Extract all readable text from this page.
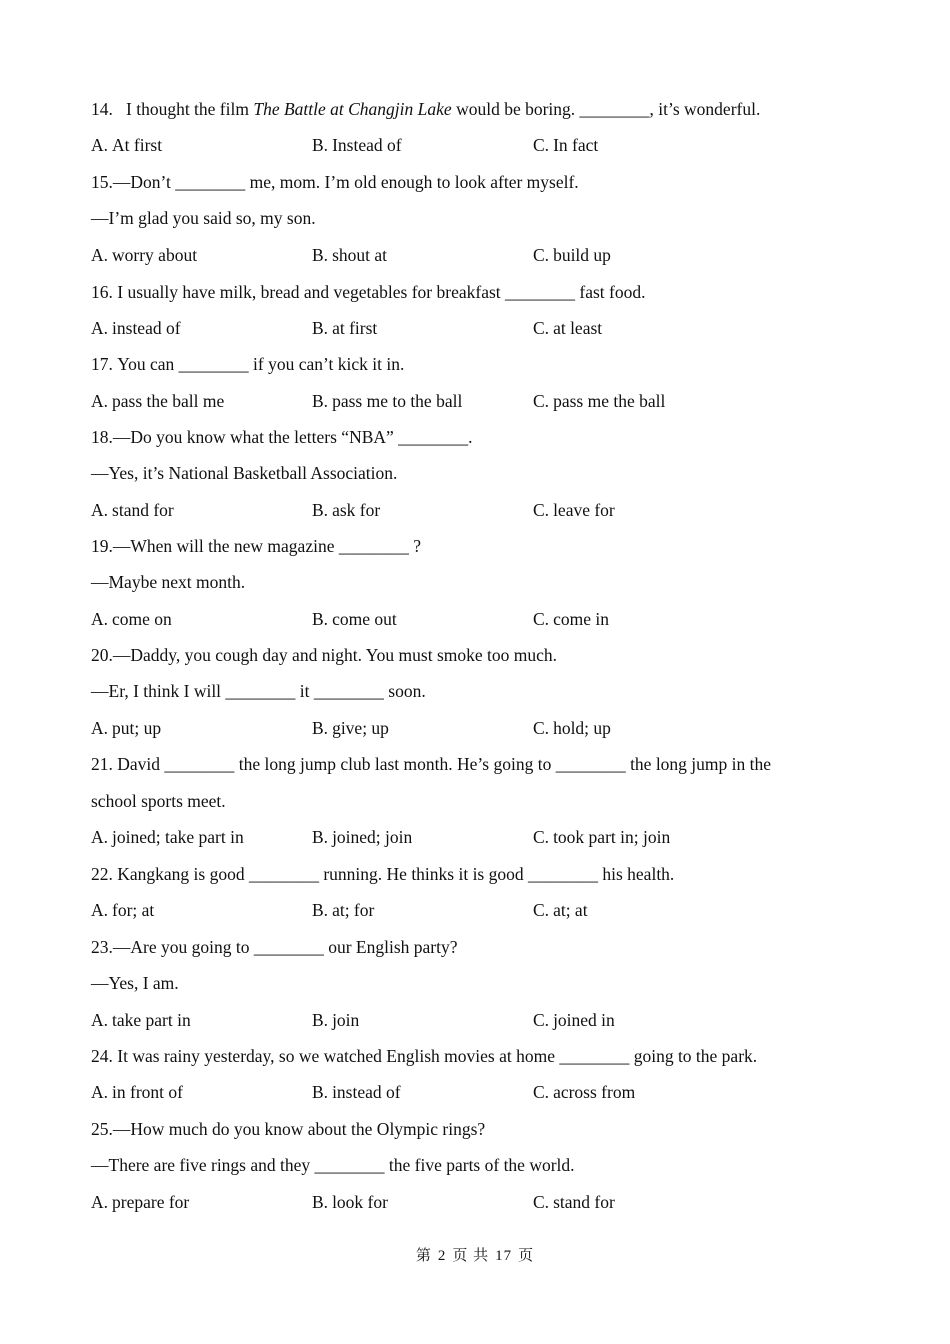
14. I thought the film The Battle at Changjin Lake would be boring. ________, it’s wonderful.
A. At first	B. Instead of	C. In fact
15.—Don’t ________ me, mom. I’m old enough to look after myself.
—I’m glad you said so, my son.
A. worry about	B. shout at	C. build up
16. I usually have milk, bread and vegetables for breakfast ________ fast food.
A. instead of	B. at first	C. at least
17. You can ________ if you can’t kick it in.
A. pass the ball me	B. pass me to the ball	C. pass me the ball
18.—Do you know what the letters “NBA” ________.
—Yes, it’s National Basketball Association.
A. stand for	B. ask for	C. leave for
19.—When will the new magazine ________ ?
—Maybe next month.
A. come on	B. come out	C. come in
20.—Daddy, you cough day and night. You must smoke too much.
—Er, I think I will ________ it ________ soon.
A. put; up	B. give; up	C. hold; up
21. David ________ the long jump club last month. He’s going to ________ the long jump in the
school sports meet.
A. joined; take part in	B. joined; join	C. took part in; join
22. Kangkang is good ________ running. He thinks it is good ________ his health.
A. for; at	B. at; for	C. at; at
23.—Are you going to ________ our English party?
—Yes, I am.
A. take part in	B. join	C. joined in
24. It was rainy yesterday, so we watched English movies at home ________ going to the park.
A. in front of	B. instead of	C. across from
25.—How much do you know about the Olympic rings?
—There are five rings and they ________ the five parts of the world.
A. prepare for	B. look for	C. stand for
第 2 页 共 17 页
